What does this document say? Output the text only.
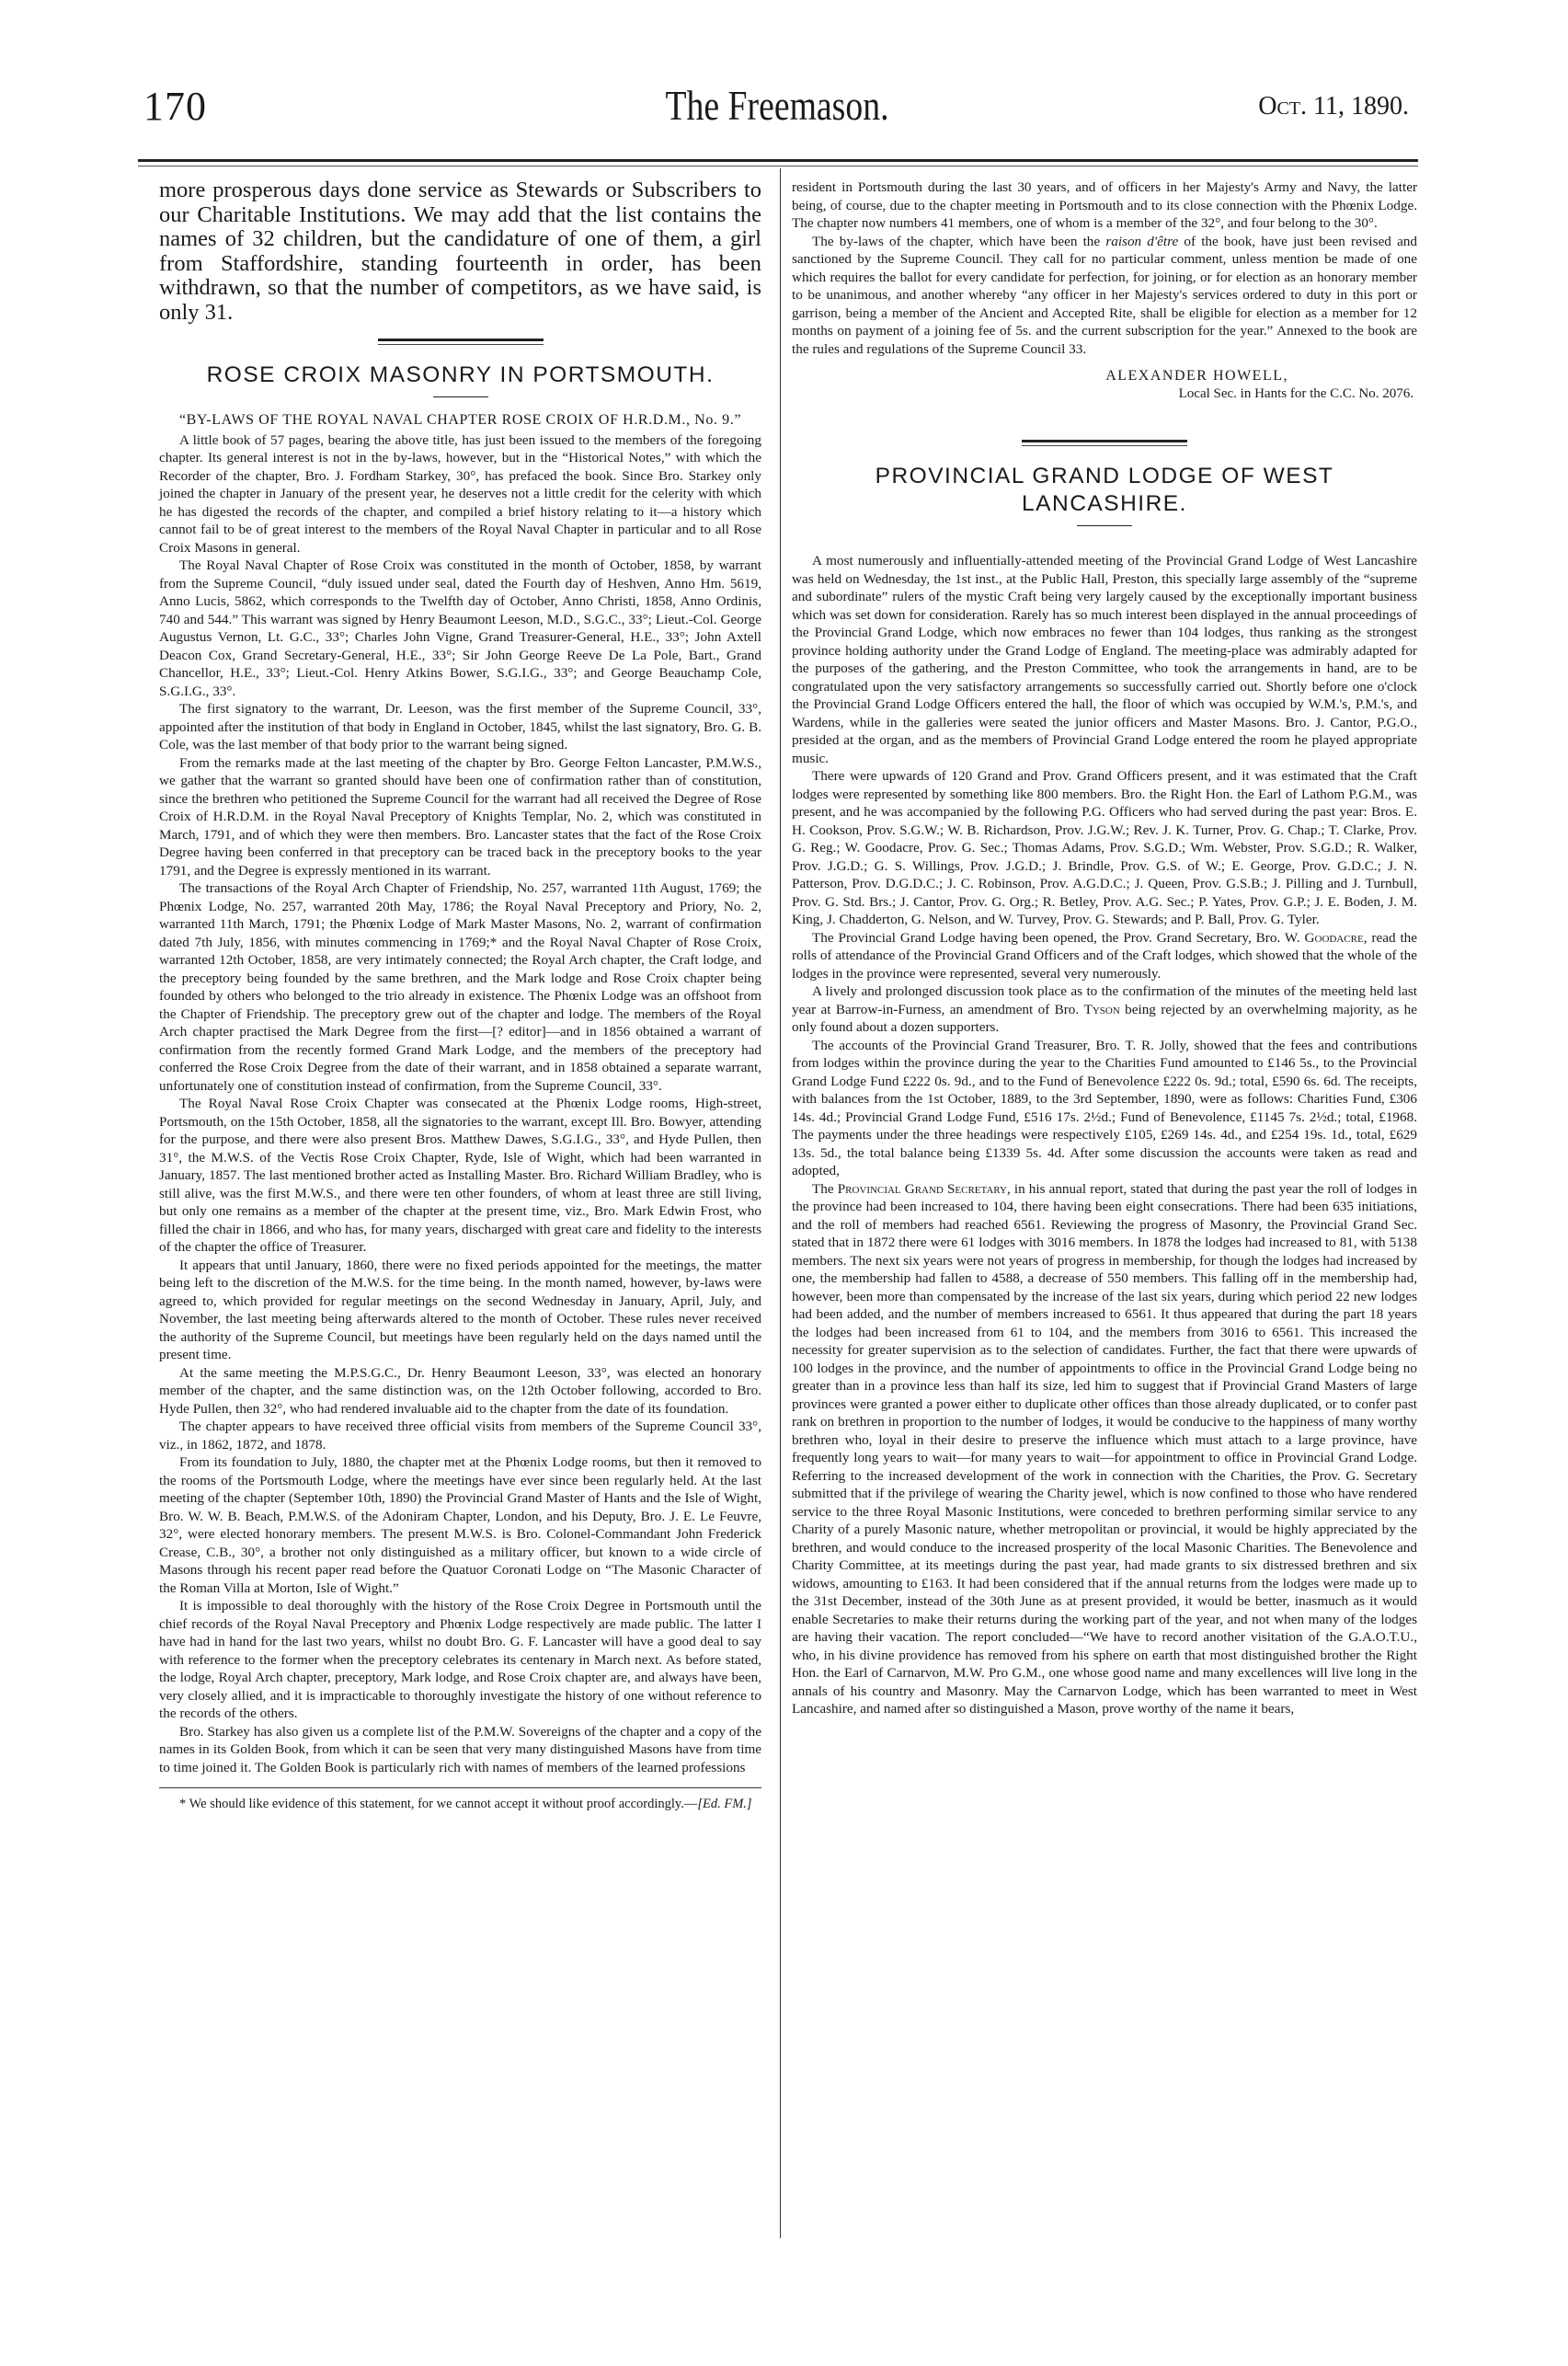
170	The Freemason.	Oct. 11, 1890.

more prosperous days done service as Stewards or Subscribers to our Charitable Institutions. We may add that the list contains the names of 32 children, but the candidature of one of them, a girl from Staffordshire, standing fourteenth in order, has been withdrawn, so that the number of competitors, as we have said, is only 31.

ROSE CROIX MASONRY IN PORTSMOUTH.
“BY-LAWS OF THE ROYAL NAVAL CHAPTER ROSE CROIX OF H.R.D.M., No. 9.”

A little book of 57 pages, bearing the above title, has just been issued to the members of the foregoing chapter. Its general interest is not in the by-laws, however, but in the “Historical Notes,” with which the Recorder of the chapter, Bro. J. Fordham Starkey, 30°, has prefaced the book. Since Bro. Starkey only joined the chapter in January of the present year, he deserves not a little credit for the celerity with which he has digested the records of the chapter, and compiled a brief history relating to it—a history which cannot fail to be of great interest to the members of the Royal Naval Chapter in particular and to all Rose Croix Masons in general.

The Royal Naval Chapter of Rose Croix was constituted in the month of October, 1858, by warrant from the Supreme Council, “duly issued under seal, dated the Fourth day of Heshven, Anno Hm. 5619, Anno Lucis, 5862, which corresponds to the Twelfth day of October, Anno Christi, 1858, Anno Ordinis, 740 and 544.” This warrant was signed by Henry Beaumont Leeson, M.D., S.G.C., 33°; Lieut.-Col. George Augustus Vernon, Lt. G.C., 33°; Charles John Vigne, Grand Treasurer-General, H.E., 33°; John Axtell Deacon Cox, Grand Secretary-General, H.E., 33°; Sir John George Reeve De La Pole, Bart., Grand Chancellor, H.E., 33°; Lieut.-Col. Henry Atkins Bower, S.G.I.G., 33°; and George Beauchamp Cole, S.G.I.G., 33°.

The first signatory to the warrant, Dr. Leeson, was the first member of the Supreme Council, 33°, appointed after the institution of that body in England in October, 1845, whilst the last signatory, Bro. G. B. Cole, was the last member of that body prior to the warrant being signed.

From the remarks made at the last meeting of the chapter by Bro. George Felton Lancaster, P.M.W.S., we gather that the warrant so granted should have been one of confirmation rather than of constitution, since the brethren who petitioned the Supreme Council for the warrant had all received the Degree of Rose Croix of H.R.D.M. in the Royal Naval Preceptory of Knights Templar, No. 2, which was constituted in March, 1791, and of which they were then members. Bro. Lancaster states that the fact of the Rose Croix Degree having been conferred in that preceptory can be traced back in the preceptory books to the year 1791, and the Degree is expressly mentioned in its warrant.

The transactions of the Royal Arch Chapter of Friendship, No. 257, warranted 11th August, 1769; the Phœnix Lodge, No. 257, warranted 20th May, 1786; the Royal Naval Preceptory and Priory, No. 2, warranted 11th March, 1791; the Phœnix Lodge of Mark Master Masons, No. 2, warrant of confirmation dated 7th July, 1856, with minutes commencing in 1769;* and the Royal Naval Chapter of Rose Croix, warranted 12th October, 1858, are very intimately connected; the Royal Arch chapter, the Craft lodge, and the preceptory being founded by the same brethren, and the Mark lodge and Rose Croix chapter being founded by others who belonged to the trio already in existence. The Phœnix Lodge was an offshoot from the Chapter of Friendship. The preceptory grew out of the chapter and lodge. The members of the Royal Arch chapter practised the Mark Degree from the first—[? editor]—and in 1856 obtained a warrant of confirmation from the recently formed Grand Mark Lodge, and the members of the preceptory had conferred the Rose Croix Degree from the date of their warrant, and in 1858 obtained a separate warrant, unfortunately one of constitution instead of confirmation, from the Supreme Council, 33°.

The Royal Naval Rose Croix Chapter was consecated at the Phœnix Lodge rooms, High-street, Portsmouth, on the 15th October, 1858, all the signatories to the warrant, except Ill. Bro. Bowyer, attending for the purpose, and there were also present Bros. Matthew Dawes, S.G.I.G., 33°, and Hyde Pullen, then 31°, the M.W.S. of the Vectis Rose Croix Chapter, Ryde, Isle of Wight, which had been warranted in January, 1857. The last mentioned brother acted as Installing Master. Bro. Richard William Bradley, who is still alive, was the first M.W.S., and there were ten other founders, of whom at least three are still living, but only one remains as a member of the chapter at the present time, viz., Bro. Mark Edwin Frost, who filled the chair in 1866, and who has, for many years, discharged with great care and fidelity to the interests of the chapter the office of Treasurer.

It appears that until January, 1860, there were no fixed periods appointed for the meetings, the matter being left to the discretion of the M.W.S. for the time being. In the month named, however, by-laws were agreed to, which provided for regular meetings on the second Wednesday in January, April, July, and November, the last meeting being afterwards altered to the month of October. These rules never received the authority of the Supreme Council, but meetings have been regularly held on the days named until the present time.

At the same meeting the M.P.S.G.C., Dr. Henry Beaumont Leeson, 33°, was elected an honorary member of the chapter, and the same distinction was, on the 12th October following, accorded to Bro. Hyde Pullen, then 32°, who had rendered invaluable aid to the chapter from the date of its foundation.

The chapter appears to have received three official visits from members of the Supreme Council 33°, viz., in 1862, 1872, and 1878.

From its foundation to July, 1880, the chapter met at the Phœnix Lodge rooms, but then it removed to the rooms of the Portsmouth Lodge, where the meetings have ever since been regularly held. At the last meeting of the chapter (September 10th, 1890) the Provincial Grand Master of Hants and the Isle of Wight, Bro. W. W. B. Beach, P.M.W.S. of the Adoniram Chapter, London, and his Deputy, Bro. J. E. Le Feuvre, 32°, were elected honorary members. The present M.W.S. is Bro. Colonel-Commandant John Frederick Crease, C.B., 30°, a brother not only distinguished as a military officer, but known to a wide circle of Masons through his recent paper read before the Quatuor Coronati Lodge on “The Masonic Character of the Roman Villa at Morton, Isle of Wight.”

It is impossible to deal thoroughly with the history of the Rose Croix Degree in Portsmouth until the chief records of the Royal Naval Preceptory and Phœnix Lodge respectively are made public. The latter I have had in hand for the last two years, whilst no doubt Bro. G. F. Lancaster will have a good deal to say with reference to the former when the preceptory celebrates its centenary in March next. As before stated, the lodge, Royal Arch chapter, preceptory, Mark lodge, and Rose Croix chapter are, and always have been, very closely allied, and it is impracticable to thoroughly investigate the history of one without reference to the records of the others.

Bro. Starkey has also given us a complete list of the P.M.W. Sovereigns of the chapter and a copy of the names in its Golden Book, from which it can be seen that very many distinguished Masons have from time to time joined it. The Golden Book is particularly rich with names of members of the learned professions

* We should like evidence of this statement, for we cannot accept it without proof accordingly.—[Ed. FM.]

resident in Portsmouth during the last 30 years, and of officers in her Majesty's Army and Navy, the latter being, of course, due to the chapter meeting in Portsmouth and to its close connection with the Phœnix Lodge. The chapter now numbers 41 members, one of whom is a member of the 32°, and four belong to the 30°.

The by-laws of the chapter, which have been the raison d'être of the book, have just been revised and sanctioned by the Supreme Council. They call for no particular comment, unless mention be made of one which requires the ballot for every candidate for perfection, for joining, or for election as an honorary member to be unanimous, and another whereby “any officer in her Majesty's services ordered to duty in this port or garrison, being a member of the Ancient and Accepted Rite, shall be eligible for election as a member for 12 months on payment of a joining fee of 5s. and the current subscription for the year.” Annexed to the book are the rules and regulations of the Supreme Council 33.

ALEXANDER HOWELL,
Local Sec. in Hants for the C.C. No. 2076.
PROVINCIAL GRAND LODGE OF WEST LANCASHIRE.

A most numerously and influentially-attended meeting of the Provincial Grand Lodge of West Lancashire was held on Wednesday, the 1st inst., at the Public Hall, Preston, this specially large assembly of the “supreme and subordinate” rulers of the mystic Craft being very largely caused by the exceptionally important business which was set down for consideration. Rarely has so much interest been displayed in the annual proceedings of the Provincial Grand Lodge, which now embraces no fewer than 104 lodges, thus ranking as the strongest province holding authority under the Grand Lodge of England. The meeting-place was admirably adapted for the purposes of the gathering, and the Preston Committee, who took the arrangements in hand, are to be congratulated upon the very satisfactory arrangements so successfully carried out. Shortly before one o'clock the Provincial Grand Lodge Officers entered the hall, the floor of which was occupied by W.M.'s, P.M.'s, and Wardens, while in the galleries were seated the junior officers and Master Masons. Bro. J. Cantor, P.G.O., presided at the organ, and as the members of Provincial Grand Lodge entered the room he played appropriate music.

There were upwards of 120 Grand and Prov. Grand Officers present, and it was estimated that the Craft lodges were represented by something like 800 members. Bro. the Right Hon. the Earl of Lathom P.G.M., was present, and he was accompanied by the following P.G. Officers who had served during the past year: Bros. E. H. Cookson, Prov. S.G.W.; W. B. Richardson, Prov. J.G.W.; Rev. J. K. Turner, Prov. G. Chap.; T. Clarke, Prov. G. Reg.; W. Goodacre, Prov. G. Sec.; Thomas Adams, Prov. S.G.D.; Wm. Webster, Prov. S.G.D.; R. Walker, Prov. J.G.D.; G. S. Willings, Prov. J.G.D.; J. Brindle, Prov. G.S. of W.; E. George, Prov. G.D.C.; J. N. Patterson, Prov. D.G.D.C.; J. C. Robinson, Prov. A.G.D.C.; J. Queen, Prov. G.S.B.; J. Pilling and J. Turnbull, Prov. G. Std. Brs.; J. Cantor, Prov. G. Org.; R. Betley, Prov. A.G. Sec.; P. Yates, Prov. G.P.; J. E. Boden, J. M. King, J. Chadderton, G. Nelson, and W. Turvey, Prov. G. Stewards; and P. Ball, Prov. G. Tyler.

The Provincial Grand Lodge having been opened, the Prov. Grand Secretary, Bro. W. Goodacre, read the rolls of attendance of the Provincial Grand Officers and of the Craft lodges, which showed that the whole of the lodges in the province were represented, several very numerously.

A lively and prolonged discussion took place as to the confirmation of the minutes of the meeting held last year at Barrow-in-Furness, an amendment of Bro. Tyson being rejected by an overwhelming majority, as he only found about a dozen supporters.

The accounts of the Provincial Grand Treasurer, Bro. T. R. Jolly, showed that the fees and contributions from lodges within the province during the year to the Charities Fund amounted to £146 5s., to the Provincial Grand Lodge Fund £222 0s. 9d., and to the Fund of Benevolence £222 0s. 9d.; total, £590 6s. 6d. The receipts, with balances from the 1st October, 1889, to the 3rd September, 1890, were as follows: Charities Fund, £306 14s. 4d.; Provincial Grand Lodge Fund, £516 17s. 2½d.; Fund of Benevolence, £1145 7s. 2½d.; total, £1968. The payments under the three headings were respectively £105, £269 14s. 4d., and £254 19s. 1d., total, £629 13s. 5d., the total balance being £1339 5s. 4d. After some discussion the accounts were taken as read and adopted,

The Provincial Grand Secretary, in his annual report, stated that during the past year the roll of lodges in the province had been increased to 104, there having been eight consecrations. There had been 635 initiations, and the roll of members had reached 6561. Reviewing the progress of Masonry, the Provincial Grand Sec. stated that in 1872 there were 61 lodges with 3016 members. In 1878 the lodges had increased to 81, with 5138 members. The next six years were not years of progress in membership, for though the lodges had increased by one, the membership had fallen to 4588, a decrease of 550 members. This falling off in the membership had, however, been more than compensated by the increase of the last six years, during which period 22 new lodges had been added, and the number of members increased to 6561. It thus appeared that during the part 18 years the lodges had been increased from 61 to 104, and the members from 3016 to 6561. This increased the necessity for greater supervision as to the selection of candidates. Further, the fact that there were upwards of 100 lodges in the province, and the number of appointments to office in the Provincial Grand Lodge being no greater than in a province less than half its size, led him to suggest that if Provincial Grand Masters of large provinces were granted a power either to duplicate other offices than those already duplicated, or to confer past rank on brethren in proportion to the number of lodges, it would be conducive to the happiness of many worthy brethren who, loyal in their desire to preserve the influence which must attach to a large province, have frequently long years to wait—for many years to wait—for appointment to office in Provincial Grand Lodge. Referring to the increased development of the work in connection with the Charities, the Prov. G. Secretary submitted that if the privilege of wearing the Charity jewel, which is now confined to those who have rendered service to the three Royal Masonic Institutions, were conceded to brethren performing similar service to any Charity of a purely Masonic nature, whether metropolitan or provincial, it would be highly appreciated by the brethren, and would conduce to the increased prosperity of the local Masonic Charities. The Benevolence and Charity Committee, at its meetings during the past year, had made grants to six distressed brethren and six widows, amounting to £163. It had been considered that if the annual returns from the lodges were made up to the 31st December, instead of the 30th June as at present provided, it would be better, inasmuch as it would enable Secretaries to make their returns during the working part of the year, and not when many of the lodges are having their vacation. The report concluded—“We have to record another visitation of the G.A.O.T.U., who, in his divine providence has removed from his sphere on earth that most distinguished brother the Right Hon. the Earl of Carnarvon, M.W. Pro G.M., one whose good name and many excellences will live long in the annals of his country and Masonry. May the Carnarvon Lodge, which has been warranted to meet in West Lancashire, and named after so distinguished a Mason, prove worthy of the name it bears,
